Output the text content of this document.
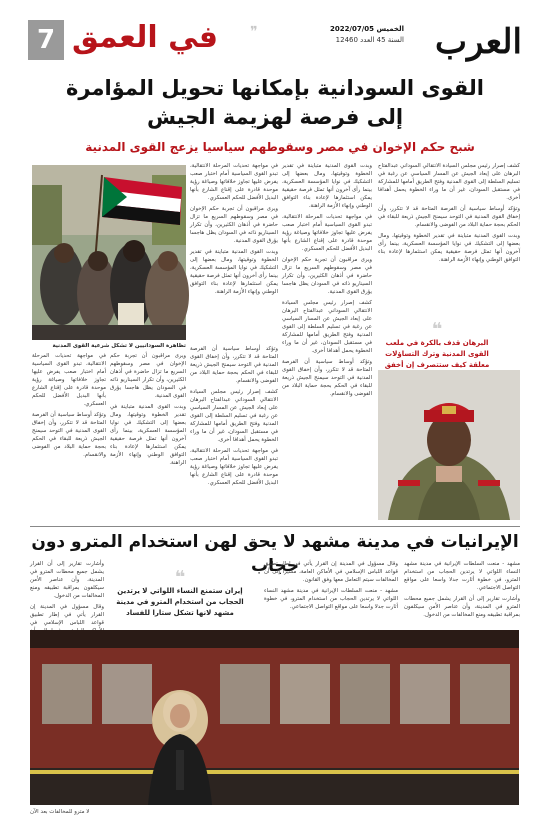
العرب
الخميس 2022/07/05
السنة 45 العدد 12460
❞
في العمق
7
القوى السودانية بإمكانها تحويل المؤامرة
إلى فرصة لهزيمة الجيش
شبح حكم الإخوان في مصر وسقوطهم سياسيا يزعج القوى المدنية

كشف إصرار رئيس مجلس السيادة الانتقالي السوداني عبدالفتاح البرهان على إبعاد الجيش عن المسار السياسي عن رغبة في تسليم السلطة إلى القوى المدنية وفتح الطريق أمامها للمشاركة في مستقبل السودان، غير أن ما وراء الخطوة يحمل أهدافا أخرى.

وتؤكد أوساط سياسية أن الفرصة المتاحة قد لا تتكرر، وأن إخفاق القوى المدنية في التوحد سيمنح الجيش ذريعة للبقاء في الحكم بحجة حماية البلاد من الفوضى والانقسام.

وبدت القوى المدنية متباينة في تقدير الخطوة وتوقيتها، ومال بعضها إلى التشكيك في نوايا المؤسسة العسكرية، بينما رأى آخرون أنها تمثل فرصة حقيقية يمكن استثمارها لإعادة بناء التوافق الوطني وإنهاء الأزمة الراهنة.

وبدت القوى المدنية متباينة في تقدير الخطوة وتوقيتها، ومال بعضها إلى التشكيك في نوايا المؤسسة العسكرية، بينما رأى آخرون أنها تمثل فرصة حقيقية يمكن استثمارها لإعادة بناء التوافق الوطني وإنهاء الأزمة الراهنة.

في مواجهة تحديات المرحلة الانتقالية، تبدو القوى السياسية أمام اختبار صعب يفرض عليها تجاوز خلافاتها وصياغة رؤية موحدة قادرة على إقناع الشارع بأنها البديل الأفضل للحكم العسكري.

ويرى مراقبون أن تجربة حكم الإخوان في مصر وسقوطهم السريع ما تزال حاضرة في أذهان الكثيرين، وأن تكرار السيناريو ذاته في السودان يظل هاجسا يؤرق القوى المدنية.

كشف إصرار رئيس مجلس السيادة الانتقالي السوداني عبدالفتاح البرهان على إبعاد الجيش عن المسار السياسي عن رغبة في تسليم السلطة إلى القوى المدنية وفتح الطريق أمامها للمشاركة في مستقبل السودان، غير أن ما وراء الخطوة يحمل أهدافا أخرى.

وتؤكد أوساط سياسية أن الفرصة المتاحة قد لا تتكرر، وأن إخفاق القوى المدنية في التوحد سيمنح الجيش ذريعة للبقاء في الحكم بحجة حماية البلاد من الفوضى والانقسام.

في مواجهة تحديات المرحلة الانتقالية، تبدو القوى السياسية أمام اختبار صعب يفرض عليها تجاوز خلافاتها وصياغة رؤية موحدة قادرة على إقناع الشارع بأنها البديل الأفضل للحكم العسكري.

ويرى مراقبون أن تجربة حكم الإخوان في مصر وسقوطهم السريع ما تزال حاضرة في أذهان الكثيرين، وأن تكرار السيناريو ذاته في السودان يظل هاجسا يؤرق القوى المدنية.

وبدت القوى المدنية متباينة في تقدير الخطوة وتوقيتها، ومال بعضها إلى التشكيك في نوايا المؤسسة العسكرية، بينما رأى آخرون أنها تمثل فرصة حقيقية يمكن استثمارها لإعادة بناء التوافق الوطني وإنهاء الأزمة الراهنة.

تظاهرة السودانيين لا تشكل شرعية القوى المدنية وتؤكد أوساط سياسية أن الفرصة المتاحة قد لا تتكرر، وأن إخفاق القوى المدنية في التوحد سيمنح الجيش ذريعة للبقاء في الحكم بحجة حماية البلاد من الفوضى والانقسام.

كشف إصرار رئيس مجلس السيادة الانتقالي السوداني عبدالفتاح البرهان على إبعاد الجيش عن المسار السياسي عن رغبة في تسليم السلطة إلى القوى المدنية وفتح الطريق أمامها للمشاركة في مستقبل السودان، غير أن ما وراء الخطوة يحمل أهدافا أخرى.

في مواجهة تحديات المرحلة الانتقالية، تبدو القوى السياسية أمام اختبار صعب يفرض عليها تجاوز خلافاتها وصياغة رؤية موحدة قادرة على إقناع الشارع بأنها البديل الأفضل للحكم العسكري.

ويرى مراقبون أن تجربة حكم الإخوان في مصر وسقوطهم السريع ما تزال حاضرة في أذهان الكثيرين، وأن تكرار السيناريو ذاته في السودان يظل هاجسا يؤرق القوى المدنية.

وبدت القوى المدنية متباينة في تقدير الخطوة وتوقيتها، ومال بعضها إلى التشكيك في نوايا المؤسسة العسكرية، بينما رأى آخرون أنها تمثل فرصة حقيقية يمكن استثمارها لإعادة بناء التوافق الوطني وإنهاء الأزمة الراهنة.

في مواجهة تحديات المرحلة الانتقالية، تبدو القوى السياسية أمام اختبار صعب يفرض عليها تجاوز خلافاتها وصياغة رؤية موحدة قادرة على إقناع الشارع بأنها البديل الأفضل للحكم العسكري.

وتؤكد أوساط سياسية أن الفرصة المتاحة قد لا تتكرر، وأن إخفاق القوى المدنية في التوحد سيمنح الجيش ذريعة للبقاء في الحكم بحجة حماية البلاد من الفوضى والانقسام.

❝
البرهان قذف بالكرة في ملعب القوى المدنية وترك التساؤلات معلقة كيف ستتصرف إن أخفق
الإيرانيات في مدينة مشهد لا يحق لهن استخدام المترو دون حجاب	مشهد - منعت السلطات الإيرانية في مدينة مشهد النساء اللواتي لا يرتدين الحجاب من استخدام المترو، في خطوة أثارت جدلا واسعا على مواقع التواصل الاجتماعي.

وأشارت تقارير إلى أن القرار يشمل جميع محطات المترو في المدينة، وأن عناصر الأمن سيكلفون بمراقبة تطبيقه ومنع المخالفات من الدخول.

وقال مسؤول في المدينة إن القرار يأتي في إطار تطبيق قواعد اللباس الإسلامي في الأماكن العامة، مشيرا إلى أن المخالفات سيتم التعامل معها وفق القانون.

مشهد - منعت السلطات الإيرانية في مدينة مشهد النساء اللواتي لا يرتدين الحجاب من استخدام المترو، في خطوة أثارت جدلا واسعا على مواقع التواصل الاجتماعي.

وأشارت تقارير إلى أن القرار يشمل جميع محطات المترو في المدينة، وأن عناصر الأمن سيكلفون بمراقبة تطبيقه ومنع المخالفات من الدخول.

وقال مسؤول في المدينة إن القرار يأتي في إطار تطبيق قواعد اللباس الإسلامي في

❝
إيران ستمنع النساء اللواتي لا يرتدين الحجاب من استخدام المترو في مدينة مشهد لانها تشكل ستارا للفساد
لا مترو للمخالفات بعد الآن
